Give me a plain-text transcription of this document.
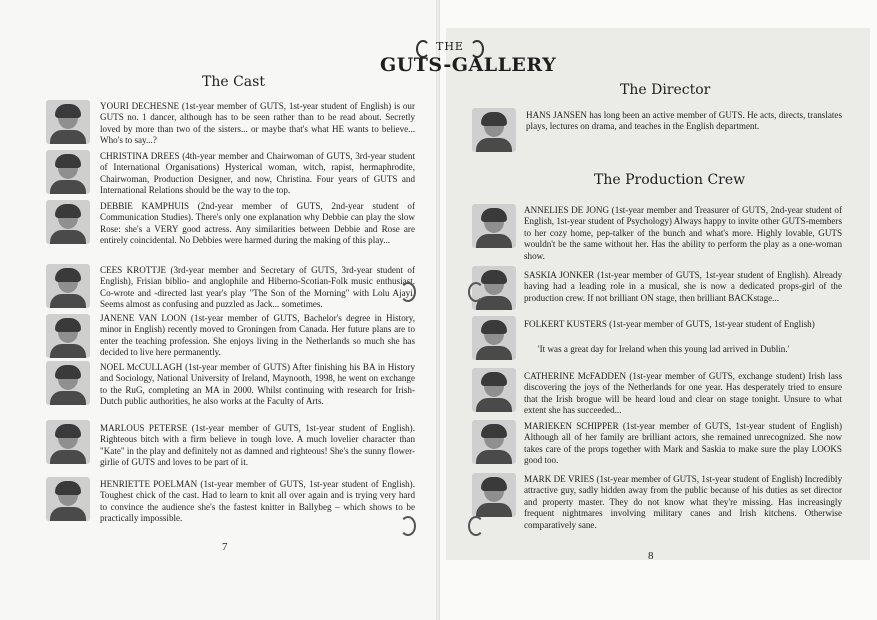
The Cast
YOURI DECHESNE (1st-year member of GUTS, 1st-year student of English) is our GUTS no. 1 dancer, although has to be seen rather than to be read about. Secretly loved by more than two of the sisters... or maybe that's what HE wants to believe... Who's to say...?
CHRISTINA DREES (4th-year member and Chairwoman of GUTS, 3rd-year student of International Organisations) Hysterical woman, witch, rapist, hermaphrodite, Chairwoman, Production Designer, and now, Christina. Four years of GUTS and International Relations should be the way to the top.
DEBBIE KAMPHUIS (2nd-year member of GUTS, 2nd-year student of Communication Studies). There's only one explanation why Debbie can play the slow Rose: she's a VERY good actress. Any similarities between Debbie and Rose are entirely coincidental. No Debbies were harmed during the making of this play...
CEES KROTTJE (3rd-year member and Secretary of GUTS, 3rd-year student of English), Frisian biblio- and anglophile and Hiberno-Scotian-Folk music enthusiast. Co-wrote and -directed last year's play "The Son of the Morning" with Lolu Ajayi. Seems almost as confusing and puzzled as Jack... sometimes.
JANENE VAN LOON (1st-year member of GUTS, Bachelor's degree in History, minor in English) recently moved to Groningen from Canada. Her future plans are to enter the teaching profession. She enjoys living in the Netherlands so much she has decided to live here permanently.
NOEL McCULLAGH (1st-year member of GUTS) After finishing his BA in History and Sociology, National University of Ireland, Maynooth, 1998, he went on exchange to the RuG, completing an MA in 2000. Whilst continuing with research for Irish-Dutch public authorities, he also works at the Faculty of Arts.
MARLOUS PETERSE (1st-year member of GUTS, 1st-year student of English). Righteous bitch with a firm believe in tough love. A much lovelier character than "Kate" in the play and definitely not as damned and righteous! She's the sunny flower-girlie of GUTS and loves to be part of it.
HENRIETTE POELMAN (1st-year member of GUTS, 1st-year student of English). Toughest chick of the cast. Had to learn to knit all over again and is trying very hard to convince the audience she's the fastest knitter in Ballybeg – which shows to be practically impossible.
7
The Director
HANS JANSEN has long been an active member of GUTS. He acts, directs, translates plays, lectures on drama, and teaches in the English department.
The Production Crew
ANNELIES DE JONG (1st-year member and Treasurer of GUTS, 2nd-year student of English, 1st-year student of Psychology) Always happy to invite other GUTS-members to her cozy home, pep-talker of the bunch and what's more. Highly lovable, GUTS wouldn't be the same without her. Has the ability to perform the play as a one-woman show.
SASKIA JONKER (1st-year member of GUTS, 1st-year student of English). Already having had a leading role in a musical, she is now a dedicated props-girl of the production crew. If not brilliant ON stage, then brilliant BACKstage...
FOLKERT KUSTERS (1st-year member of GUTS, 1st-year student of English)
'It was a great day for Ireland when this young lad arrived in Dublin.'
CATHERINE McFADDEN (1st-year member of GUTS, exchange student) Irish lass discovering the joys of the Netherlands for one year. Has desperately tried to ensure that the Irish brogue will be heard loud and clear on stage tonight. Unsure to what extent she has succeeded...
MARIEKEN SCHIPPER (1st-year member of GUTS, 1st-year student of English) Although all of her family are brilliant actors, she remained unrecognized. She now takes care of the props together with Mark and Saskia to make sure the play LOOKS good too.
MARK DE VRIES (1st-year member of GUTS, 1st-year student of English) Incredibly attractive guy, sadly hidden away from the public because of his duties as set director and property master. They do not know what they're missing. Has increasingly frequent nightmares involving military canes and Irish kitchens. Otherwise comparatively sane.
8
THE
GUTS-GALLERY
